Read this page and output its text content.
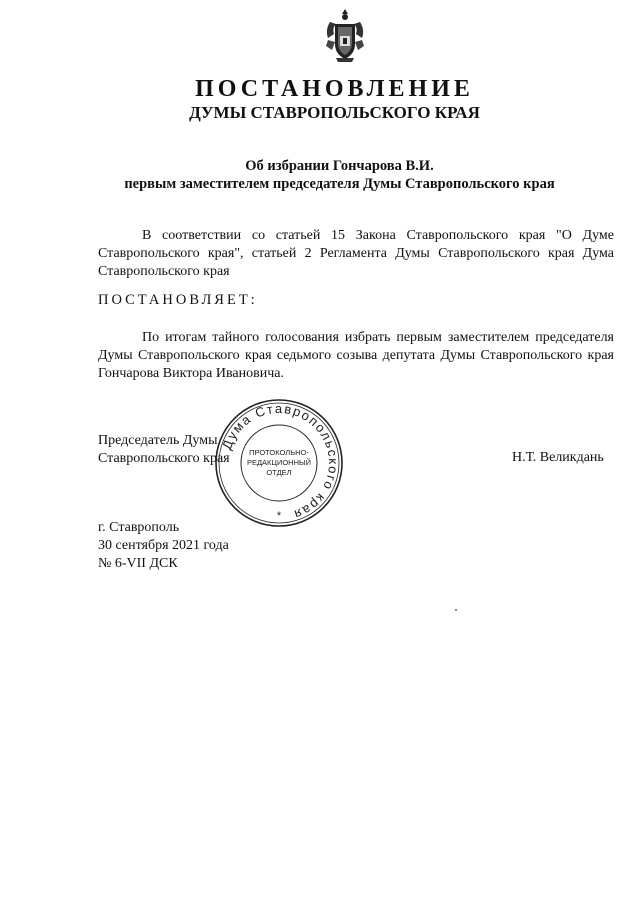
ПОСТАНОВЛЕНИЕ
ДУМЫ СТАВРОПОЛЬСКОГО КРАЯ
Об избрании Гончарова В.И.
первым заместителем председателя Думы Ставропольского края

В соответствии со статьей 15 Закона Ставропольского края "О Думе Ставропольского края", статьей 2 Регламента Думы Ставропольского края Дума Ставропольского края

ПОСТАНОВЛЯЕТ:

По итогам тайного голосования избрать первым заместителем председателя Думы Ставропольского края седьмого созыва депутата Думы Ставропольского края Гончарова Виктора Ивановича.

Председатель Думы
Ставропольского края	Н.Т. Великдань
Дума Ставропольского края
ПРОТОКОЛЬНО-
РЕДАКЦИОННЫЙ
ОТДЕЛ
*
г. Ставрополь
30 сентября 2021 года
№ 6-VII ДСК
